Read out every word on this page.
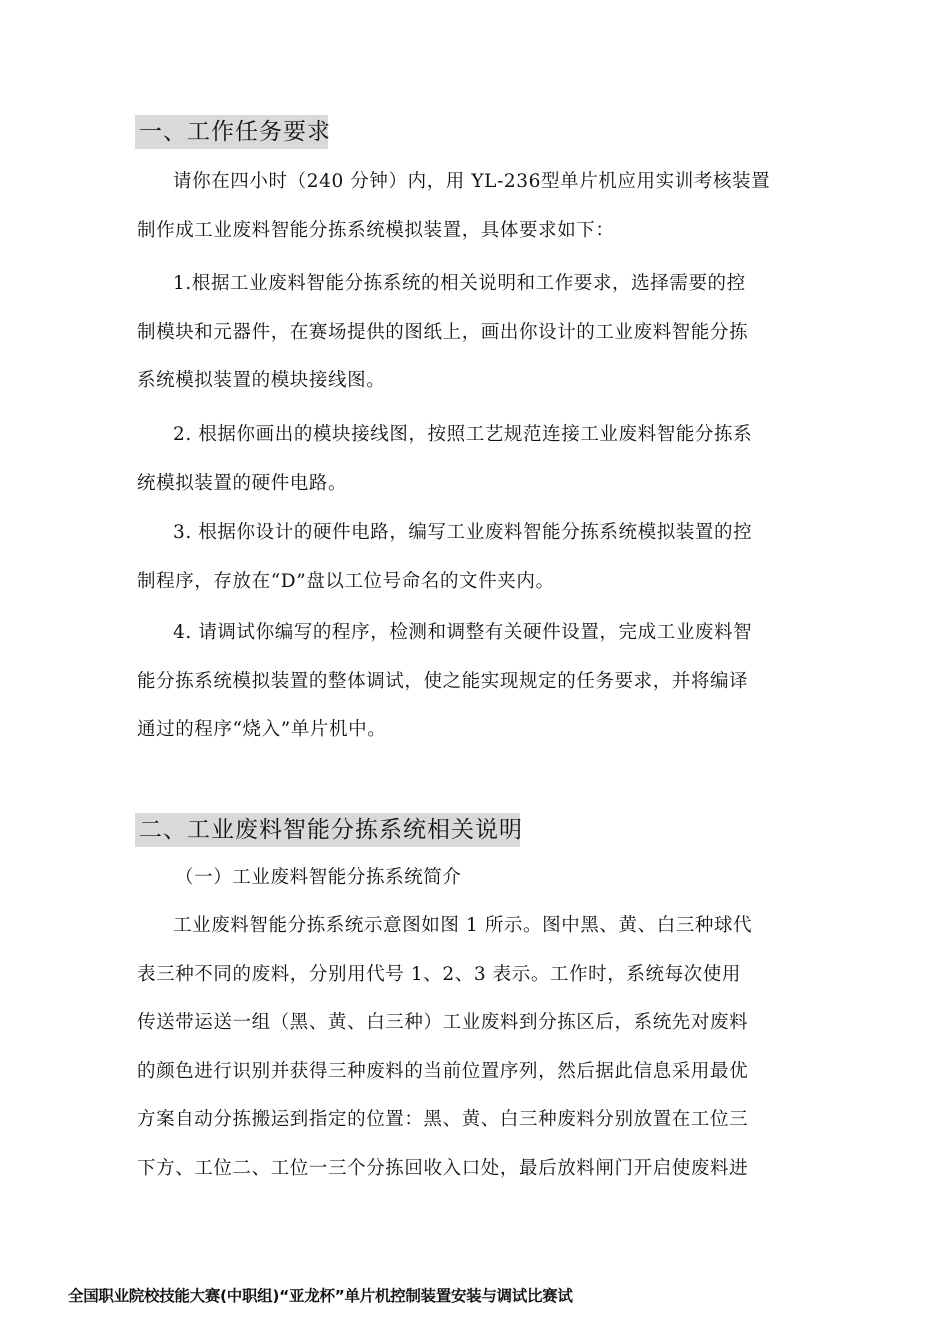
一、工作任务要求
请你在四小时（240 分钟）内，用 YL-236型单片机应用实训考核装置
制作成工业废料智能分拣系统模拟装置，具体要求如下：
1.根据工业废料智能分拣系统的相关说明和工作要求，选择需要的控
制模块和元器件，在赛场提供的图纸上，画出你设计的工业废料智能分拣
系统模拟装置的模块接线图。
2. 根据你画出的模块接线图，按照工艺规范连接工业废料智能分拣系
统模拟装置的硬件电路。
3. 根据你设计的硬件电路，编写工业废料智能分拣系统模拟装置的控
制程序，存放在“D”盘以工位号命名的文件夹内。
4. 请调试你编写的程序，检测和调整有关硬件设置，完成工业废料智
能分拣系统模拟装置的整体调试，使之能实现规定的任务要求，并将编译
通过的程序“烧入”单片机中。
二、工业废料智能分拣系统相关说明
（一）工业废料智能分拣系统简介
工业废料智能分拣系统示意图如图 1 所示。图中黑、黄、白三种球代
表三种不同的废料，分别用代号 1、2、3 表示。工作时，系统每次使用
传送带运送一组（黑、黄、白三种）工业废料到分拣区后，系统先对废料
的颜色进行识别并获得三种废料的当前位置序列，然后据此信息采用最优
方案自动分拣搬运到指定的位置：黑、黄、白三种废料分别放置在工位三
下方、工位二、工位一三个分拣回收入口处，最后放料闸门开启使废料进
全国职业院校技能大赛(中职组)“亚龙杯”单片机控制装置安装与调试比赛试
